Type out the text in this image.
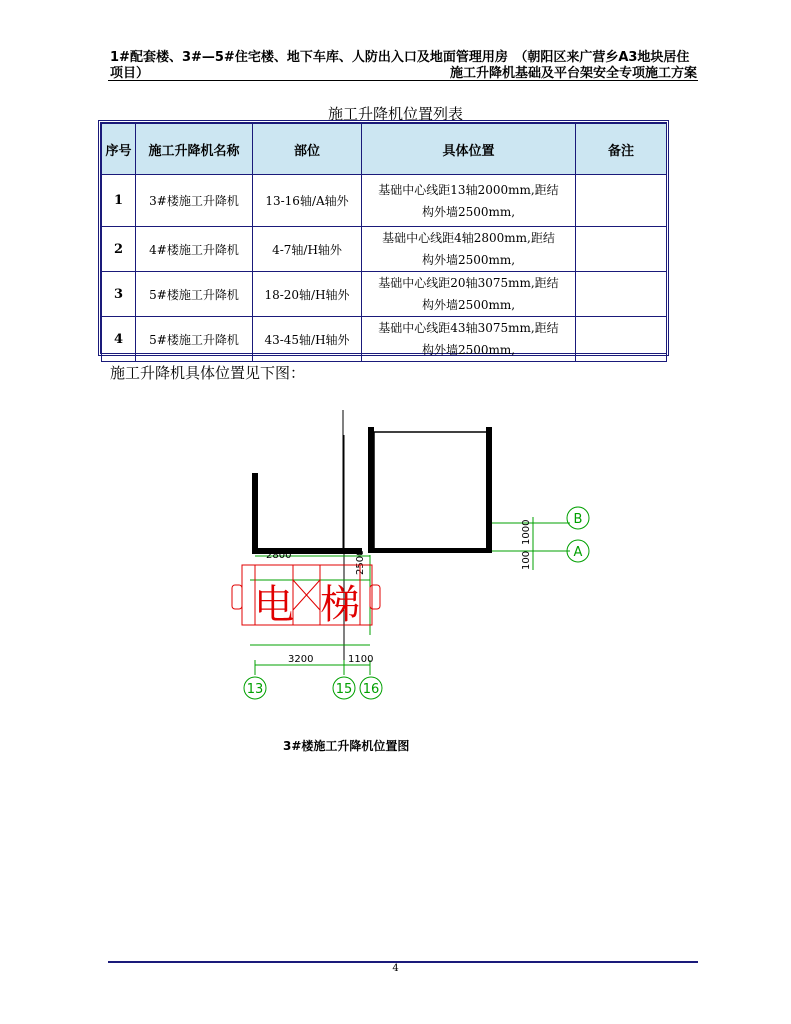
1#配套楼、3#—5#住宅楼、地下车库、人防出入口及地面管理用房　（朝阳区来广营乡A3地块居住
项目）	施工升降机基础及平台架安全专项施工方案
施工升降机位置列表
序号	施工升降机名称	部位	具体位置	备注
1	3#楼施工升降机	13-16轴/A轴外	基础中心线距13轴2000mm,距结
构外墙2500mm,	
2	4#楼施工升降机	4-7轴/H轴外	基础中心线距4轴2800mm,距结
构外墙2500mm,	
3	5#楼施工升降机	18-20轴/H轴外	基础中心线距20轴3075mm,距结
构外墙2500mm,	
4	5#楼施工升降机	43-45轴/H轴外	基础中心线距43轴3075mm,距结
构外墙2500mm,	
施工升降机具体位置见下图：
2800	2500
1000
100
3200	1100
B
A
13	15 16
电 梯
3#楼施工升降机位置图
4
